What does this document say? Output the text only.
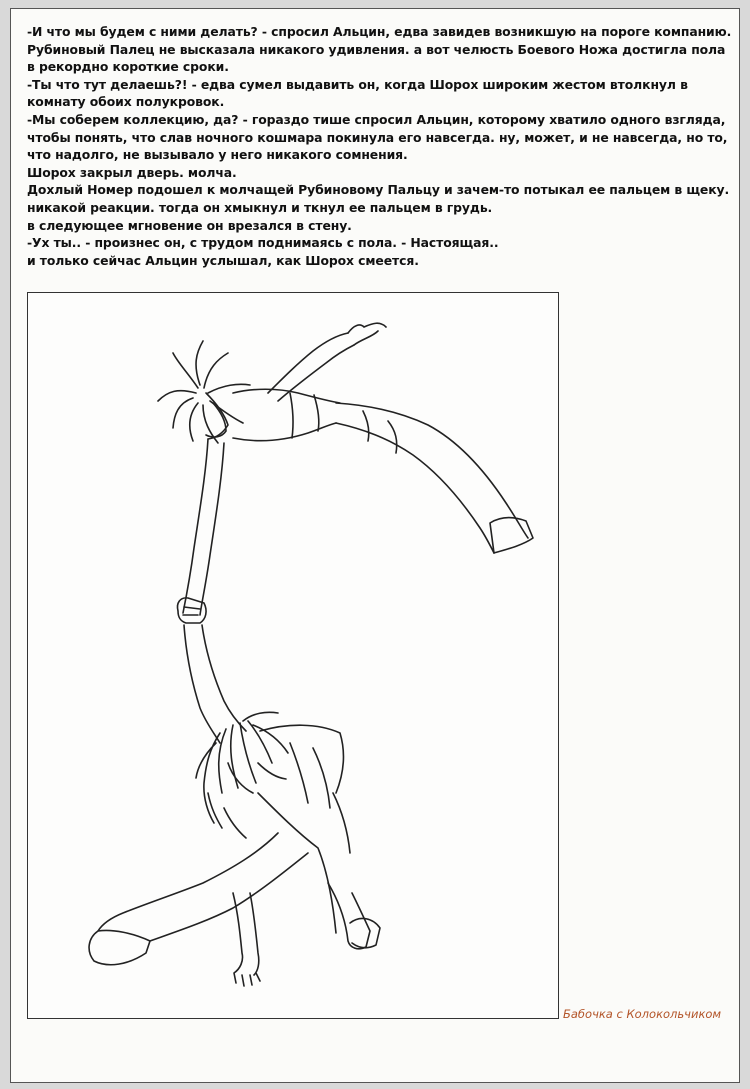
-И что мы будем с ними делать? - спросил Альцин, едва завидев возникшую на пороге компанию.

Рубиновый Палец не высказала никакого удивления. а вот челюсть Боевого Ножа достигла пола

в рекордно короткие сроки.

-Ты что тут делаешь?! - едва сумел выдавить он, когда Шорох широким жестом втолкнул в

комнату обоих полукровок.

-Мы соберем коллекцию, да? - гораздо тише спросил Альцин, которому хватило одного взгляда,

чтобы понять, что слав ночного кошмара покинула его навсегда. ну, может, и не навсегда, но то,

что надолго, не вызывало у него никакого сомнения.

Шорох закрыл дверь. молча.

Дохлый Номер подошел к молчащей Рубиновому Пальцу и зачем-то потыкал ее пальцем в щеку.

никакой реакции. тогда он хмыкнул и ткнул ее пальцем в грудь.

в следующее мгновение он врезался в стену.

-Ух ты.. - произнес он, с трудом поднимаясь с пола. - Настоящая..

и только сейчас Альцин услышал, как Шорох смеется.

Бабочка с Колокольчиком
